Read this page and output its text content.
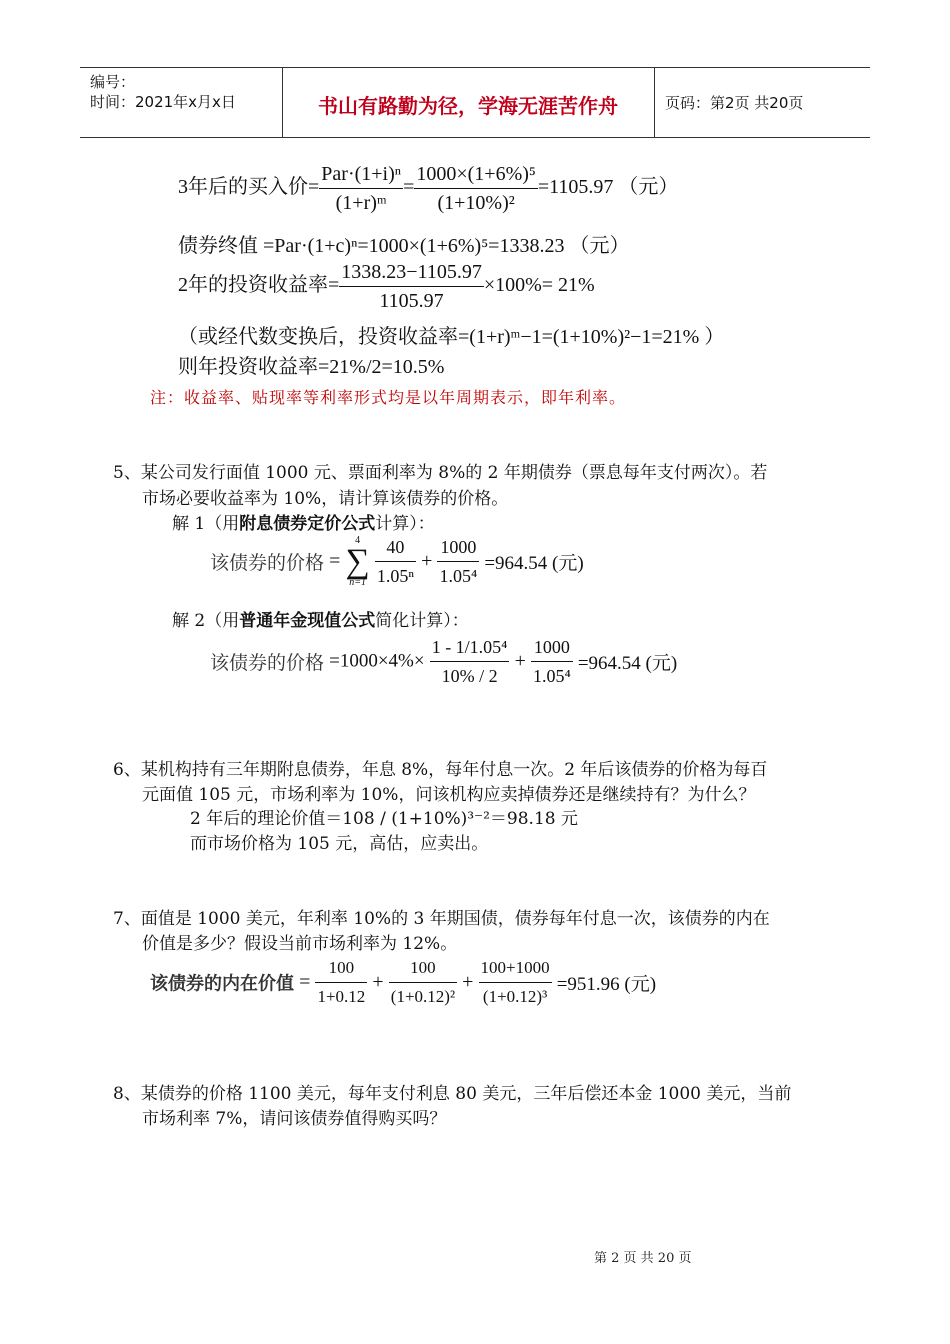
编号：
时间：2021年x月x日	书山有路勤为径，学海无涯苦作舟	页码：第2页 共20页
3年后的买入价= $\frac{\text{Par·(1+i)ⁿ}}{\text{(1+r)ᵐ}} = \frac{\text{1000×(1+6\%)⁵}}{\text{(1+10\%)²}} =1105.97$ （元）
债券终值 =Par·(1+c)ⁿ=1000×(1+6%)⁵=1338.23 （元）
2年的投资收益率= $\frac{1338.23-1105.97}{1105.97} \times 100\%= 21\%$
（或经代数变换后，投资收益率=(1+r)ᵐ−1=(1+10%)²−1=21% ）
则年投资收益率=21%/2=10.5%
注：收益率、贴现率等利率形式均是以年周期表示，即年利率。
5、某公司发行面值 1000 元、票面利率为 8%的 2 年期债券（票息每年支付两次）。若
市场必要收益率为 10%，请计算该债券的价格。
解 1（用附息债券定价公式计算）：
该债券的价格 =
4
∑
n=1
$\frac{40}{\text{1.05ⁿ}} + \frac{1000}{\text{1.05⁴}} =964.54$ (元)
解 2（用普通年金现值公式简化计算）：
该债券的价格 $=1000\times 4\%\times \frac{\text{1 - 1/1.05⁴}}{10\% / 2} + \frac{1000}{\text{1.05⁴}} =964.54$ (元)
6、某机构持有三年期附息债券，年息 8%，每年付息一次。2 年后该债券的价格为每百
元面值 105 元，市场利率为 10%，问该机构应卖掉债券还是继续持有？为什么？
2 年后的理论价值＝108 / (1+10%)³⁻²＝98.18 元
而市场价格为 105 元，高估，应卖出。
7、面值是 1000 美元，年利率 10%的 3 年期国债，债券每年付息一次，该债券的内在
价值是多少？假设当前市场利率为 12%。
该债券的内在价值 = $\frac{100}{1+0.12} + \frac{100}{\text{(1+0.12)²}} + \frac{100+1000}{\text{(1+0.12)³}} =951.96$ (元)
8、某债券的价格 1100 美元，每年支付利息 80 美元，三年后偿还本金 1000 美元，当前
市场利率 7%，请问该债券值得购买吗？
第 2 页 共 20 页
